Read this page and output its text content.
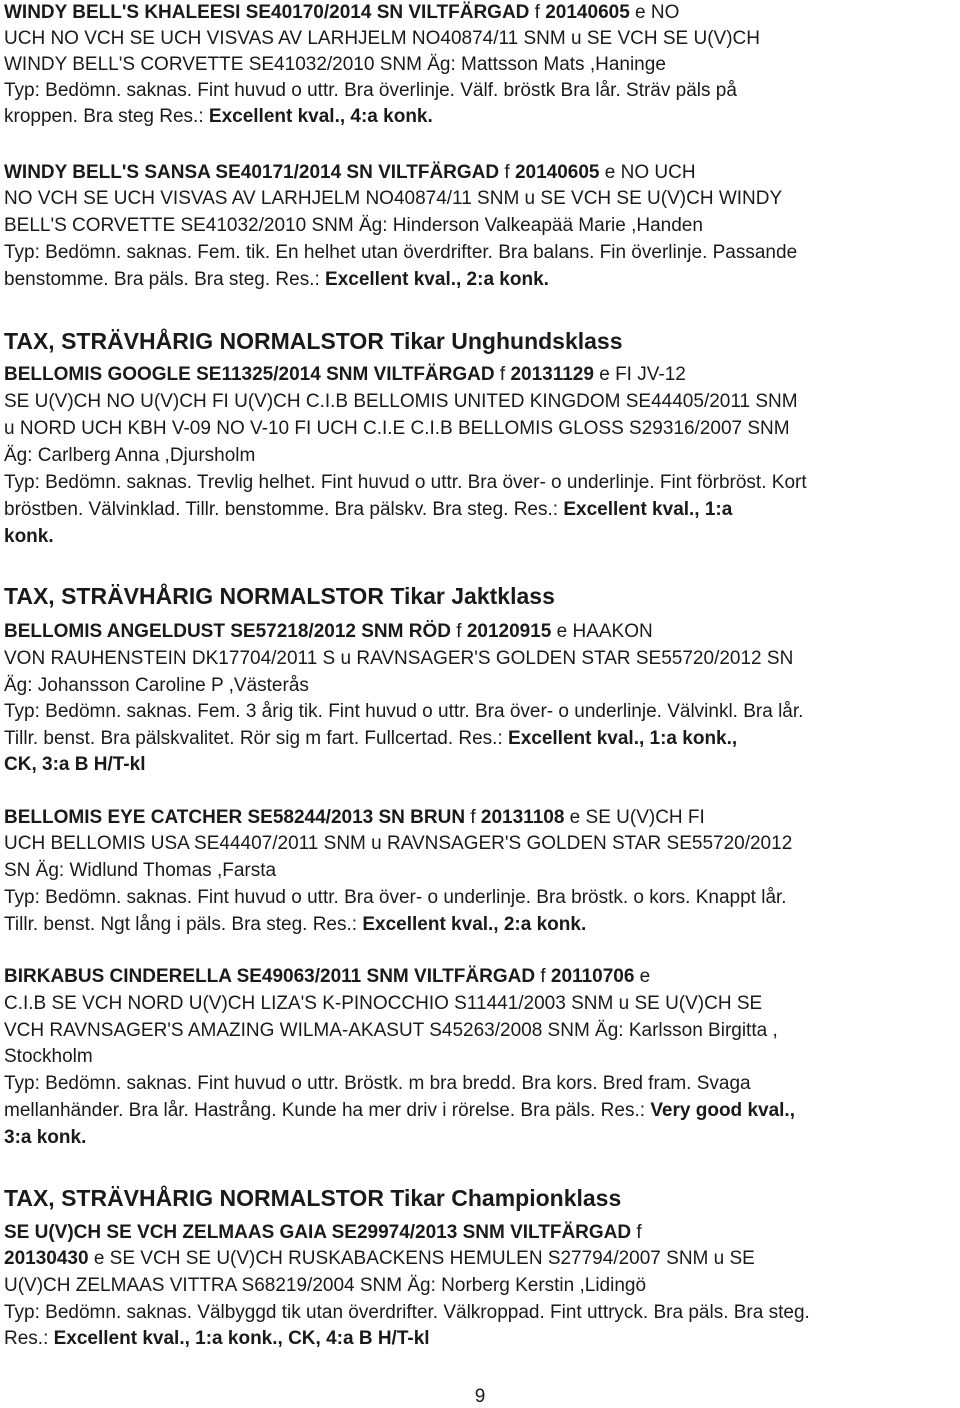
WINDY BELL'S KHALEESI SE40170/2014 SN VILTFÄRGAD f 20140605 e NO
UCH NO VCH SE UCH VISVAS AV LARHJELM NO40874/11 SNM u SE VCH SE U(V)CH
WINDY BELL'S CORVETTE SE41032/2010 SNM Äg: Mattsson Mats ,Haninge
Typ: Bedömn. saknas. Fint huvud o uttr. Bra överlinje. Välf. bröstk Bra lår. Sträv päls på
kroppen. Bra steg Res.: Excellent kval., 4:a konk.
WINDY BELL'S SANSA SE40171/2014 SN VILTFÄRGAD f 20140605 e NO UCH
NO VCH SE UCH VISVAS AV LARHJELM NO40874/11 SNM u SE VCH SE U(V)CH WINDY
BELL'S CORVETTE SE41032/2010 SNM Äg: Hinderson Valkeapää Marie ,Handen
Typ: Bedömn. saknas. Fem. tik. En helhet utan överdrifter. Bra balans. Fin överlinje. Passande
benstomme. Bra päls. Bra steg. Res.: Excellent kval., 2:a konk.
TAX, STRÄVHÅRIG NORMALSTOR Tikar Unghundsklass
BELLOMIS GOOGLE SE11325/2014 SNM VILTFÄRGAD f 20131129 e FI JV-12
SE U(V)CH NO U(V)CH FI U(V)CH C.I.B BELLOMIS UNITED KINGDOM SE44405/2011 SNM
u NORD UCH KBH V-09 NO V-10 FI UCH C.I.E C.I.B BELLOMIS GLOSS S29316/2007 SNM
Äg: Carlberg Anna ,Djursholm
Typ: Bedömn. saknas. Trevlig helhet. Fint huvud o uttr. Bra över- o underlinje. Fint förbröst. Kort
bröstben. Välvinklad. Tillr. benstomme. Bra pälskv. Bra steg. Res.: Excellent kval., 1:a
konk.
TAX, STRÄVHÅRIG NORMALSTOR Tikar Jaktklass
BELLOMIS ANGELDUST SE57218/2012 SNM RÖD f 20120915 e HAAKON
VON RAUHENSTEIN DK17704/2011 S u RAVNSAGER'S GOLDEN STAR SE55720/2012 SN
Äg: Johansson Caroline P ,Västerås
Typ: Bedömn. saknas. Fem. 3 årig tik. Fint huvud o uttr. Bra över- o underlinje. Välvinkl. Bra lår.
Tillr. benst. Bra pälskvalitet. Rör sig m fart. Fullcertad. Res.: Excellent kval., 1:a konk.,
CK, 3:a B H/T-kl
BELLOMIS EYE CATCHER SE58244/2013 SN BRUN f 20131108 e SE U(V)CH FI
UCH BELLOMIS USA SE44407/2011 SNM u RAVNSAGER'S GOLDEN STAR SE55720/2012
SN Äg: Widlund Thomas ,Farsta
Typ: Bedömn. saknas. Fint huvud o uttr. Bra över- o underlinje. Bra bröstk. o kors. Knappt lår.
Tillr. benst. Ngt lång i päls. Bra steg. Res.: Excellent kval., 2:a konk.
BIRKABUS CINDERELLA SE49063/2011 SNM VILTFÄRGAD f 20110706 e
C.I.B SE VCH NORD U(V)CH LIZA'S K-PINOCCHIO S11441/2003 SNM u SE U(V)CH SE
VCH RAVNSAGER'S AMAZING WILMA-AKASUT S45263/2008 SNM Äg: Karlsson Birgitta ,
Stockholm
Typ: Bedömn. saknas. Fint huvud o uttr. Bröstk. m bra bredd. Bra kors. Bred fram. Svaga
mellanhänder. Bra lår. Hastrång. Kunde ha mer driv i rörelse. Bra päls. Res.: Very good kval.,
3:a konk.
TAX, STRÄVHÅRIG NORMALSTOR Tikar Championklass
SE U(V)CH SE VCH ZELMAAS GAIA SE29974/2013 SNM VILTFÄRGAD f
20130430 e SE VCH SE U(V)CH RUSKABACKENS HEMULEN S27794/2007 SNM u SE
U(V)CH ZELMAAS VITTRA S68219/2004 SNM Äg: Norberg Kerstin ,Lidingö
Typ: Bedömn. saknas. Välbyggd tik utan överdrifter. Välkroppad. Fint uttryck. Bra päls. Bra steg.
Res.: Excellent kval., 1:a konk., CK, 4:a B H/T-kl
9
